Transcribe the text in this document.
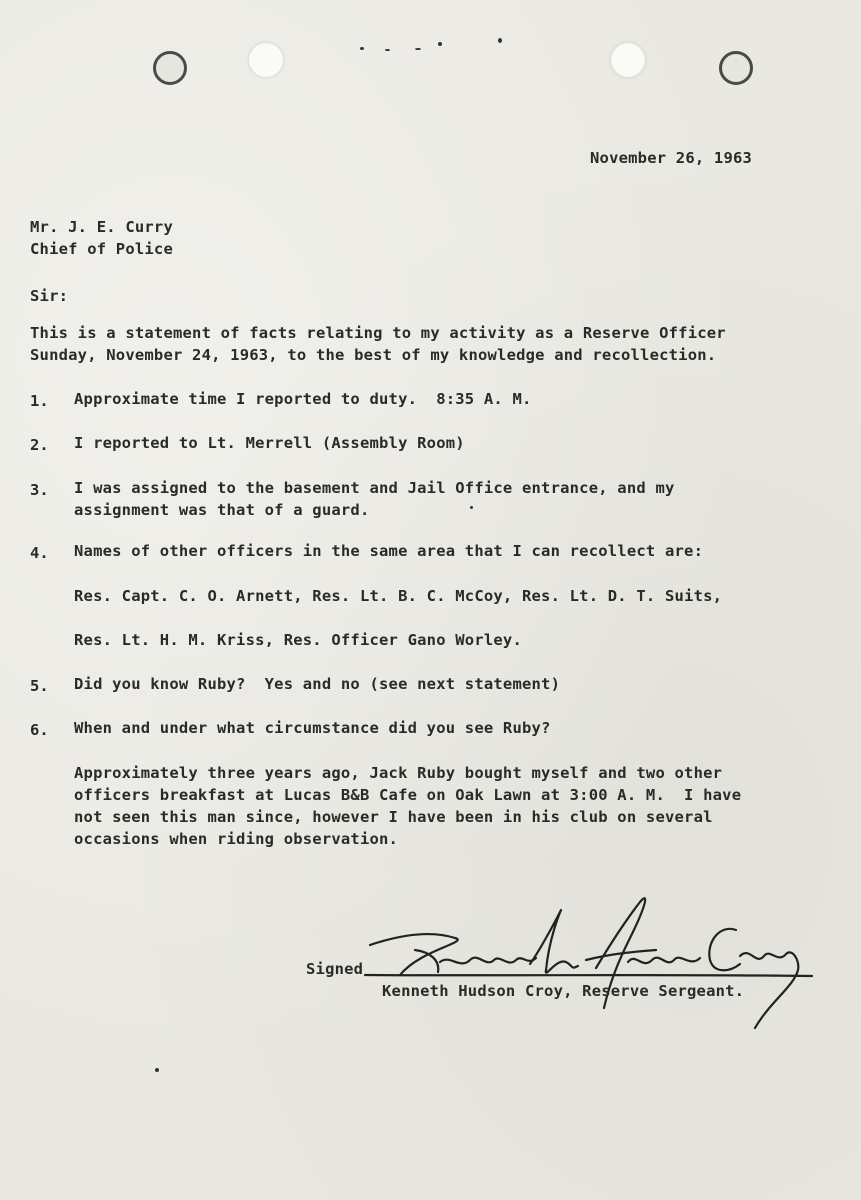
November 26, 1963
Mr. J. E. Curry
Chief of Police
Sir:
This is a statement of facts relating to my activity as a Reserve Officer
Sunday, November 24, 1963, to the best of my knowledge and recollection.
1. Approximate time I reported to duty.  8:35 A. M.
2. I reported to Lt. Merrell (Assembly Room)
3. I was assigned to the basement and Jail Office entrance, and my
assignment was that of a guard.
4. Names of other officers in the same area that I can recollect are:
Res. Capt. C. O. Arnett, Res. Lt. B. C. McCoy, Res. Lt. D. T. Suits,
Res. Lt. H. M. Kriss, Res. Officer Gano Worley.
5. Did you know Ruby?  Yes and no (see next statement)
6. When and under what circumstance did you see Ruby?
Approximately three years ago, Jack Ruby bought myself and two other
officers breakfast at Lucas B&B Cafe on Oak Lawn at 3:00 A. M.  I have
not seen this man since, however I have been in his club on several
occasions when riding observation.
Signed
Kenneth Hudson Croy, Reserve Sergeant.
